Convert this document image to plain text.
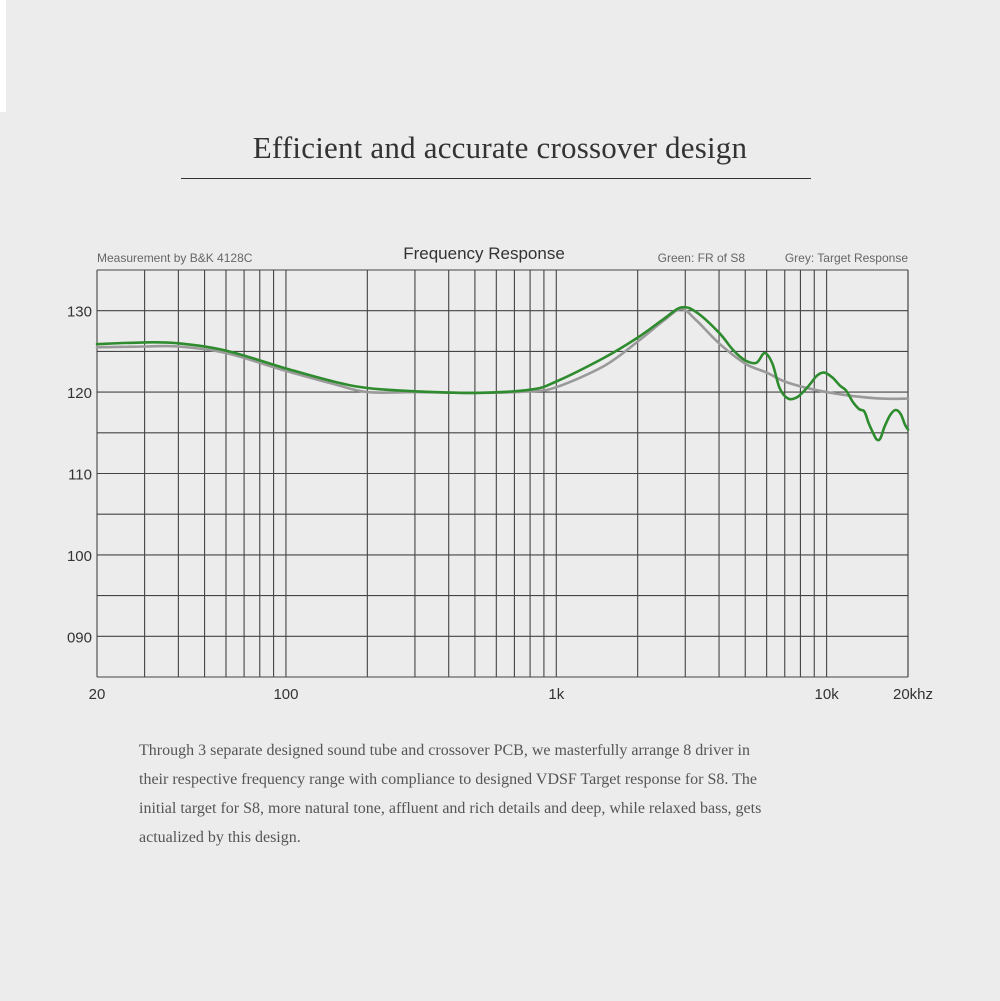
Efficient and accurate crossover design
Measurement by B&K 4128C	Frequency Response	Green: FR of S8	Grey: Target Response
130
120
110
100
090
20	100	1k	10k	20khz
Through 3 separate designed sound tube and crossover PCB, we masterfully arrange 8 driver in
their respective frequency range with compliance to designed VDSF Target response for S8. The
initial target for S8, more natural tone, affluent and rich details and deep, while relaxed bass, gets
actualized by this design.
